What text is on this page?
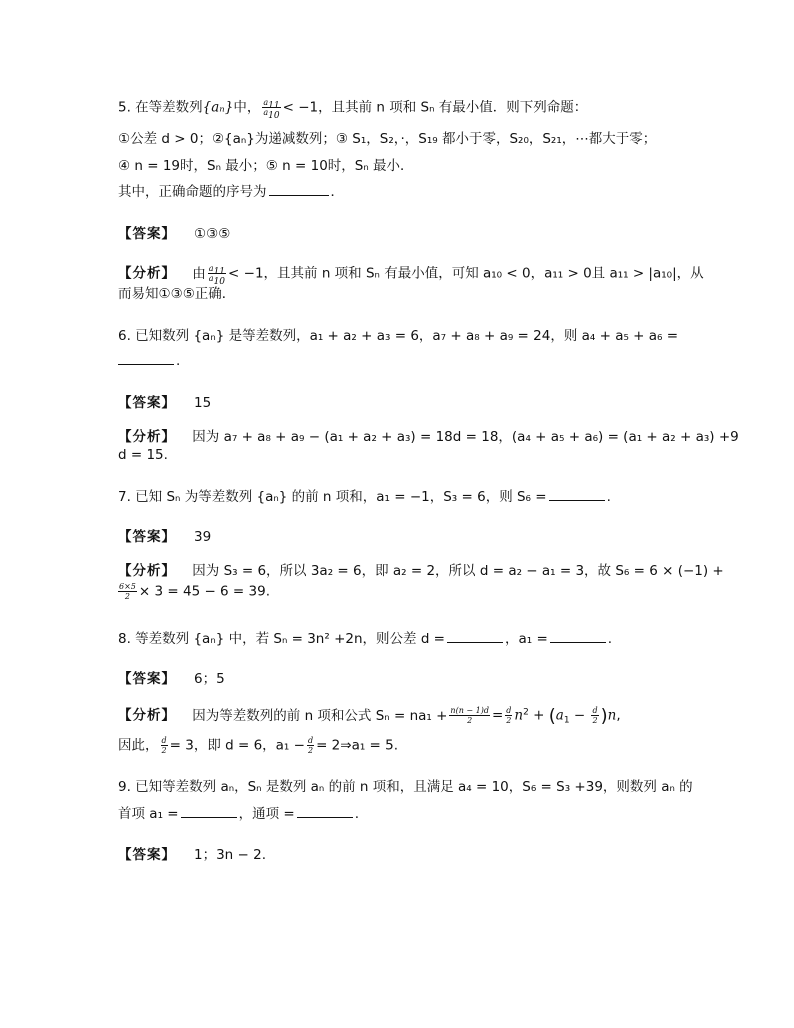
5. 在等差数列{aₙ}中， $\frac{a_{11}}{a_{10}} < -1$，且其前 n 项和 Sₙ 有最小值．则下列命题：
①公差 d > 0；②{aₙ}为递减数列；③ S₁，S₂，·，S₁₉ 都小于零，S₂₀，S₂₁，⋯都大于零；
④ n = 19时，Sₙ 最小；⑤ n = 10时，Sₙ 最小．
其中，正确命题的序号为	．
【答案】 ①③⑤
【分析】 由 $\frac{a_{11}}{a_{10}} < -1$，且其前 n 项和 Sₙ 有最小值，可知 a₁₀ < 0，a₁₁ > 0且 a₁₁ > |a₁₀|，从
而易知①③⑤正确．
6. 已知数列 {aₙ} 是等差数列，a₁ + a₂ + a₃ = 6，a₇ + a₈ + a₉ = 24，则 a₄ + a₅ + a₆ =
.
【答案】 15
【分析】 因为 a₇ + a₈ + a₉ − (a₁ + a₂ + a₃) = 18d = 18，(a₄ + a₅ + a₆) = (a₁ + a₂ + a₃) +9
d = 15.
7. 已知 Sₙ 为等差数列 {aₙ} 的前 n 项和，a₁ = −1，S₃ = 6，则 S₆ =	.
【答案】 39
【分析】 因为 S₃ = 6，所以 3a₂ = 6，即 a₂ = 2，所以 d = a₂ − a₁ = 3，故 S₆ = 6 × (−1) +
$\frac{6\times 5}{2} \times 3 = 45 - 6 = 39$.
8. 等差数列 {aₙ} 中，若 Sₙ = 3n² +2n，则公差 d =	，a₁ =	.
【答案】 6；5
【分析】 因为等差数列的前 n 项和公式 $S_n = na_1 + \frac{n(n - 1)d}{2} = \frac{d}{2} n^2 + (a_1 - \frac{d}{2} )n$,
因此， $\frac{d}{2} = 3$，即 d = 6，$a_1 - \frac{d}{2}$ = 2⇒a₁ = 5.
9. 已知等差数列 aₙ，Sₙ 是数列 aₙ 的前 n 项和，且满足 a₄ = 10，S₆ = S₃ +39，则数列 aₙ 的
首项 a₁ =	，通项 =	.
【答案】 1；3n − 2.
